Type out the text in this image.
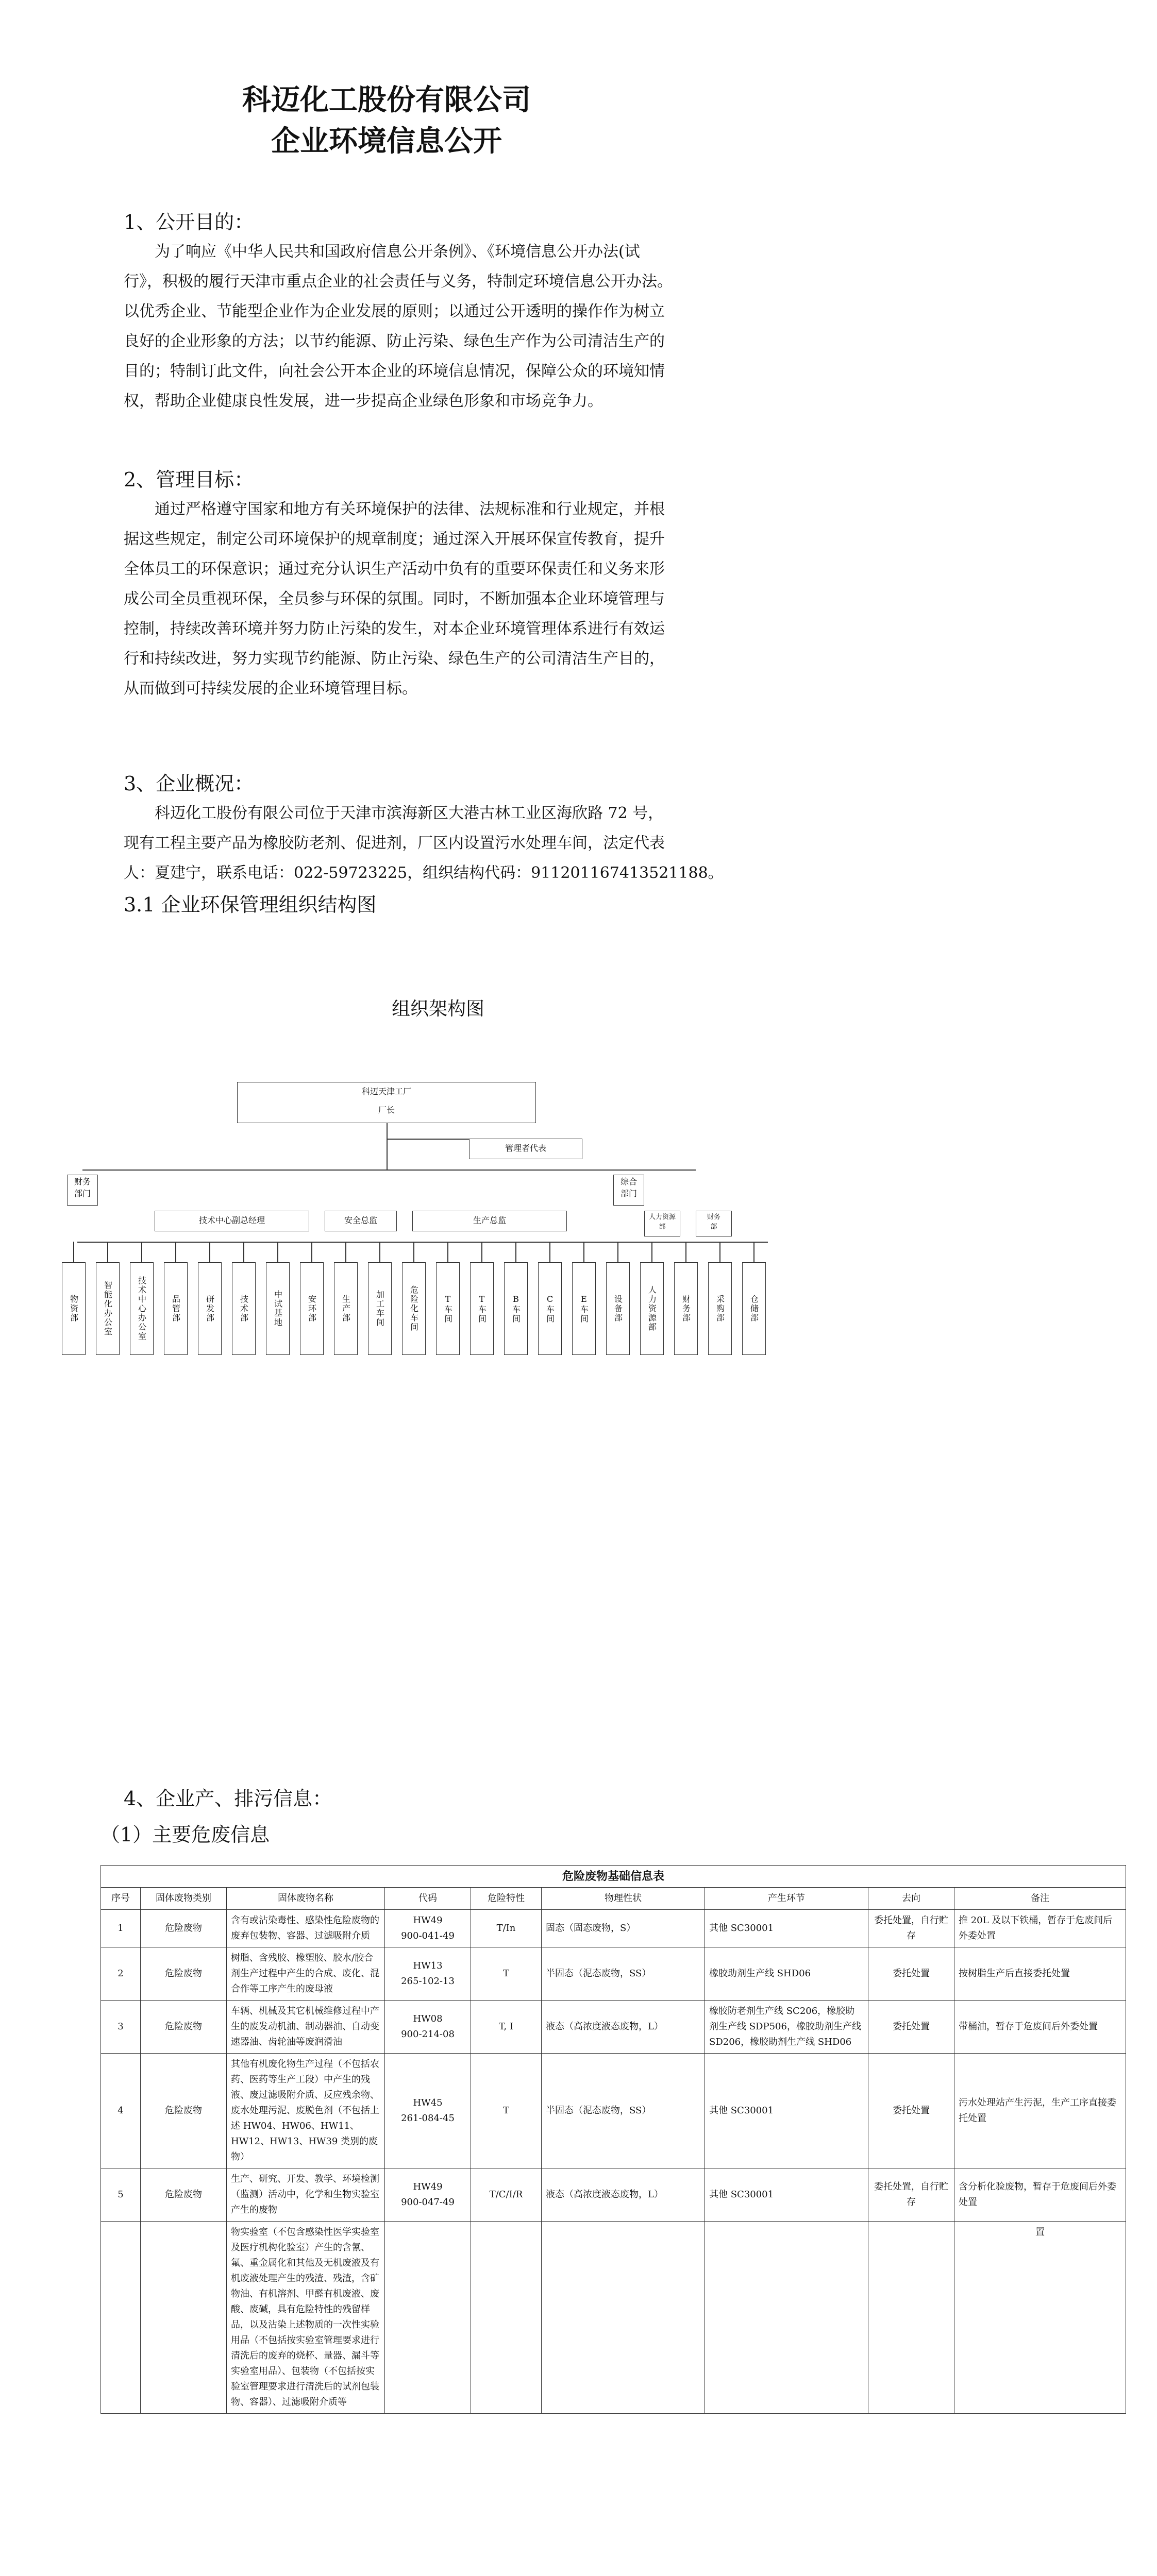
科迈化工股份有限公司
企业环境信息公开
1、公开目的：
为了响应《中华人民共和国政府信息公开条例》、《环境信息公开办法(试
行》，积极的履行天津市重点企业的社会责任与义务，特制定环境信息公开办法。
以优秀企业、节能型企业作为企业发展的原则；以通过公开透明的操作作为树立
良好的企业形象的方法；以节约能源、防止污染、绿色生产作为公司清洁生产的
目的；特制订此文件，向社会公开本企业的环境信息情况，保障公众的环境知情
权，帮助企业健康良性发展，进一步提高企业绿色形象和市场竞争力。
2、管理目标：
通过严格遵守国家和地方有关环境保护的法律、法规标准和行业规定，并根
据这些规定，制定公司环境保护的规章制度；通过深入开展环保宣传教育，提升
全体员工的环保意识；通过充分认识生产活动中负有的重要环保责任和义务来形
成公司全员重视环保，全员参与环保的氛围。同时，不断加强本企业环境管理与
控制，持续改善环境并努力防止污染的发生，对本企业环境管理体系进行有效运
行和持续改进，努力实现节约能源、防止污染、绿色生产的公司清洁生产目的，
从而做到可持续发展的企业环境管理目标。
3、企业概况：
科迈化工股份有限公司位于天津市滨海新区大港古林工业区海欣路 72 号，
现有工程主要产品为橡胶防老剂、促进剂，厂区内设置污水处理车间，法定代表
人：夏建宁，联系电话：022-59723225，组织结构代码：911201167413521188。
3.1 企业环保管理组织结构图
组织架构图
科迈天津工厂
厂长
管理者代表
财务
部门
综合
部门
技术中心副总经理	安全总监	生产总监	人力资源
部
财务
部
物资部	智能化办公室	技术中心办公室	品管部	研发部	技术部	中试基地	安环部	生产部	加工车间	危险化车间	T车间	T车间	B车间	C车间	E车间	设备部	人力资源部	财务部	采购部	仓储部
4、企业产、排污信息：
（1）主要危废信息
危险废物基础信息表								
序号	固体废物类别	固体废物名称	代码	危险特性	物理性状	产生环节	去向	备注
1	危险废物	含有或沾染毒性、感染性危险废物的废弃包装物、容器、过滤吸附介质	HW49
900-041-49	T/In	固态（固态废物，S）	其他 SC30001	委托处置，自行贮存	推 20L 及以下铁桶，暂存于危废间后外委处置
2	危险废物	树脂、含残胶、橡塑胶、胶水/胶合剂生产过程中产生的合成、废化、混合作等工序产生的废母液	HW13
265-102-13	T	半固态（泥态废物，SS）	橡胶助剂生产线 SHD06	委托处置	按树脂生产后直接委托处置
3	危险废物	车辆、机械及其它机械维修过程中产生的废发动机油、制动器油、自动变速器油、齿轮油等废润滑油	HW08
900-214-08	T, I	液态（高浓度液态废物，L）	橡胶防老剂生产线 SC206，橡胶助剂生产线 SDP506，橡胶助剂生产线 SD206，橡胶助剂生产线 SHD06	委托处置	带桶油，暂存于危废间后外委处置
4	危险废物	其他有机废化物生产过程（不包括农药、医药等生产工段）中产生的残液、废过滤吸附介质、反应残余物、废水处理污泥、废脱色剂（不包括上述 HW04、HW06、HW11、HW12、HW13、HW39 类别的废物）	HW45
261-084-45	T	半固态（泥态废物，SS）	其他 SC30001	委托处置	污水处理站产生污泥，生产工序直接委托处置
5	危险废物	生产、研究、开发、教学、环境检测（监测）活动中，化学和生物实验室产生的废物	HW49
900-047-49	T/C/I/R	液态（高浓度液态废物，L）	其他 SC30001	委托处置，自行贮存	含分析化验废物，暂存于危废间后外委处置
		物实验室（不包含感染性医学实验室及医疗机构化验室）产生的含氰、氟、重金属化和其他及无机废液及有机废液处理产生的残渣、残渣，含矿物油、有机溶剂、甲醛有机废液、废酸、废碱，具有危险特性的残留样品，以及沾染上述物质的一次性实验用品（不包括按实验室管理要求进行清洗后的废弃的烧杯、量器、漏斗等实验室用品）、包装物（不包括按实验室管理要求进行清洗后的试剂包装物、容器）、过滤吸附介质等						置
